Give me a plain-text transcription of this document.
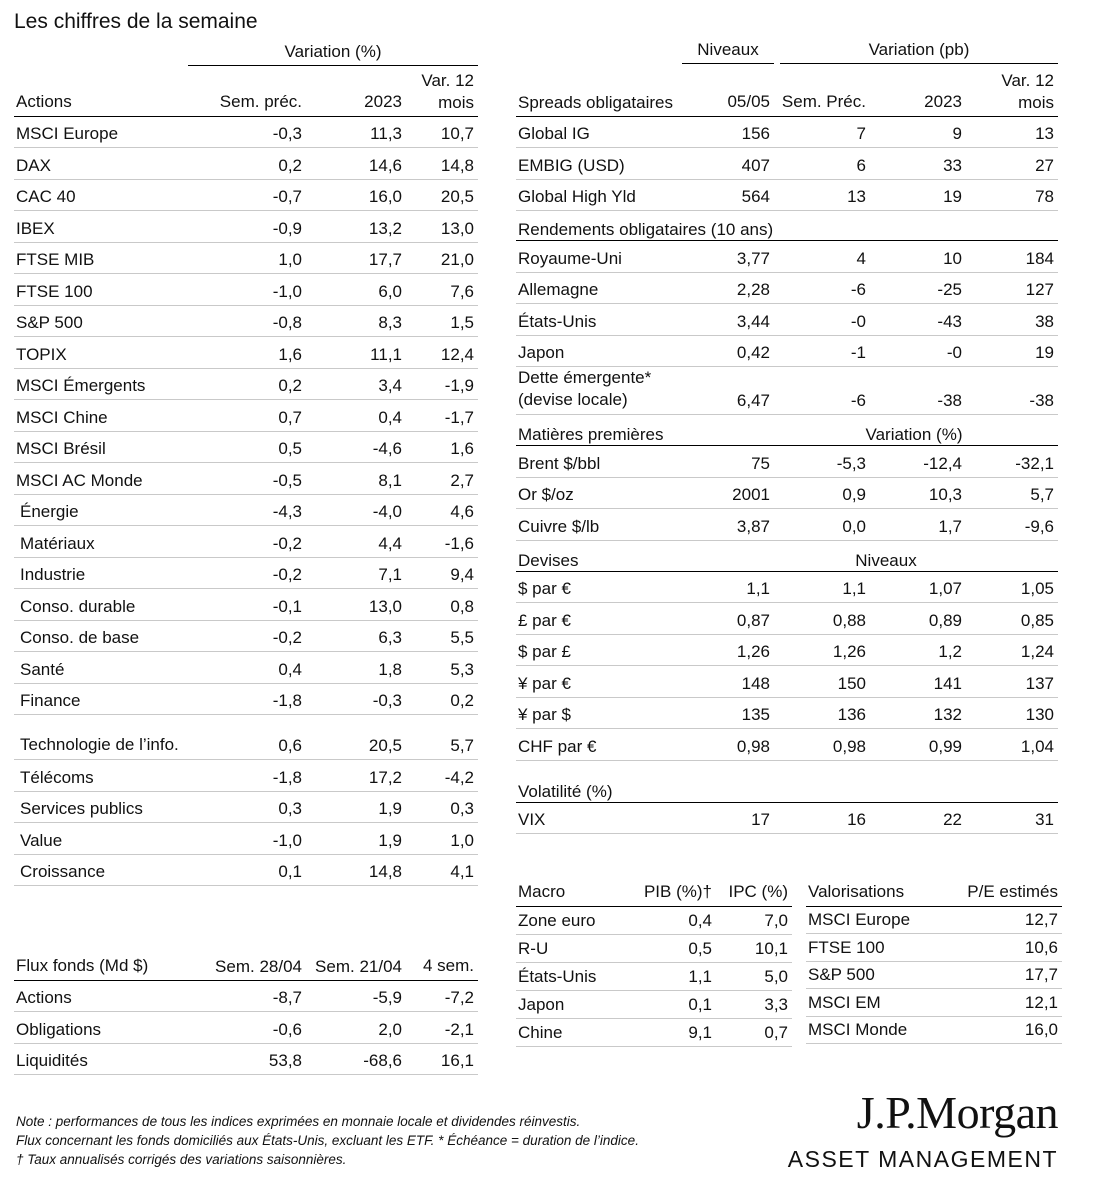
Les chiffres de la semaine
Variation (%)
Actions	Sem. préc.	2023	Var. 12 mois
MSCI Europe	-0,3	11,3	10,7
DAX	0,2	14,6	14,8
CAC 40	-0,7	16,0	20,5
IBEX	-0,9	13,2	13,0
FTSE MIB	1,0	17,7	21,0
FTSE 100	-1,0	6,0	7,6
S&P 500	-0,8	8,3	1,5
TOPIX	1,6	11,1	12,4
MSCI Émergents	0,2	3,4	-1,9
MSCI Chine	0,7	0,4	-1,7
MSCI Brésil	0,5	-4,6	1,6
MSCI AC Monde	-0,5	8,1	2,7
Énergie	-4,3	-4,0	4,6
Matériaux	-0,2	4,4	-1,6
Industrie	-0,2	7,1	9,4
Conso. durable	-0,1	13,0	0,8
Conso. de base	-0,2	6,3	5,5
Santé	0,4	1,8	5,3
Finance	-1,8	-0,3	0,2
Technologie de l’info.	0,6	20,5	5,7
Télécoms	-1,8	17,2	-4,2
Services publics	0,3	1,9	0,3
Value	-1,0	1,9	1,0
Croissance	0,1	14,8	4,1
Flux fonds (Md $)	Sem. 28/04	Sem. 21/04	4 sem.
Actions	-8,7	-5,9	-7,2
Obligations	-0,6	2,0	-2,1
Liquidités	53,8	-68,6	16,1
Niveaux	Variation (pb)
Spreads obligataires	05/05	Sem. Préc.	2023	Var. 12 mois
Global IG	156	7	9	13
EMBIG (USD)	407	6	33	27
Global High Yld	564	13	19	78
Rendements obligataires (10 ans)				
Royaume-Uni	3,77	4	10	184
Allemagne	2,28	-6	-25	127
États-Unis	3,44	-0	-43	38
Japon	0,42	-1	-0	19
Dette émergente* (devise locale)	6,47	-6	-38	-38
Matières premières		Variation (%)		
Brent $/bbl	75	-5,3	-12,4	-32,1
Or $/oz	2001	0,9	10,3	5,7
Cuivre $/lb	3,87	0,0	1,7	-9,6
Devises		Niveaux		
$ par €	1,1	1,1	1,07	1,05
£ par €	0,87	0,88	0,89	0,85
$ par £	1,26	1,26	1,2	1,24
¥ par €	148	150	141	137
¥ par $	135	136	132	130
CHF par €	0,98	0,98	0,99	1,04
Volatilité (%)				
VIX	17	16	22	31
Macro	PIB (%)†	IPC (%)
Zone euro	0,4	7,0
R-U	0,5	10,1
États-Unis	1,1	5,0
Japon	0,1	3,3
Chine	9,1	0,7
Valorisations	P/E estimés
MSCI Europe	12,7
FTSE 100	10,6
S&P 500	17,7
MSCI EM	12,1
MSCI Monde	16,0
Note : performances de tous les indices exprimées en monnaie locale et dividendes réinvestis.
Flux concernant les fonds domiciliés aux États-Unis, excluant les ETF. * Échéance = duration de l’indice.
† Taux annualisés corrigés des variations saisonnières.
J.P.Morgan
ASSET MANAGEMENT
